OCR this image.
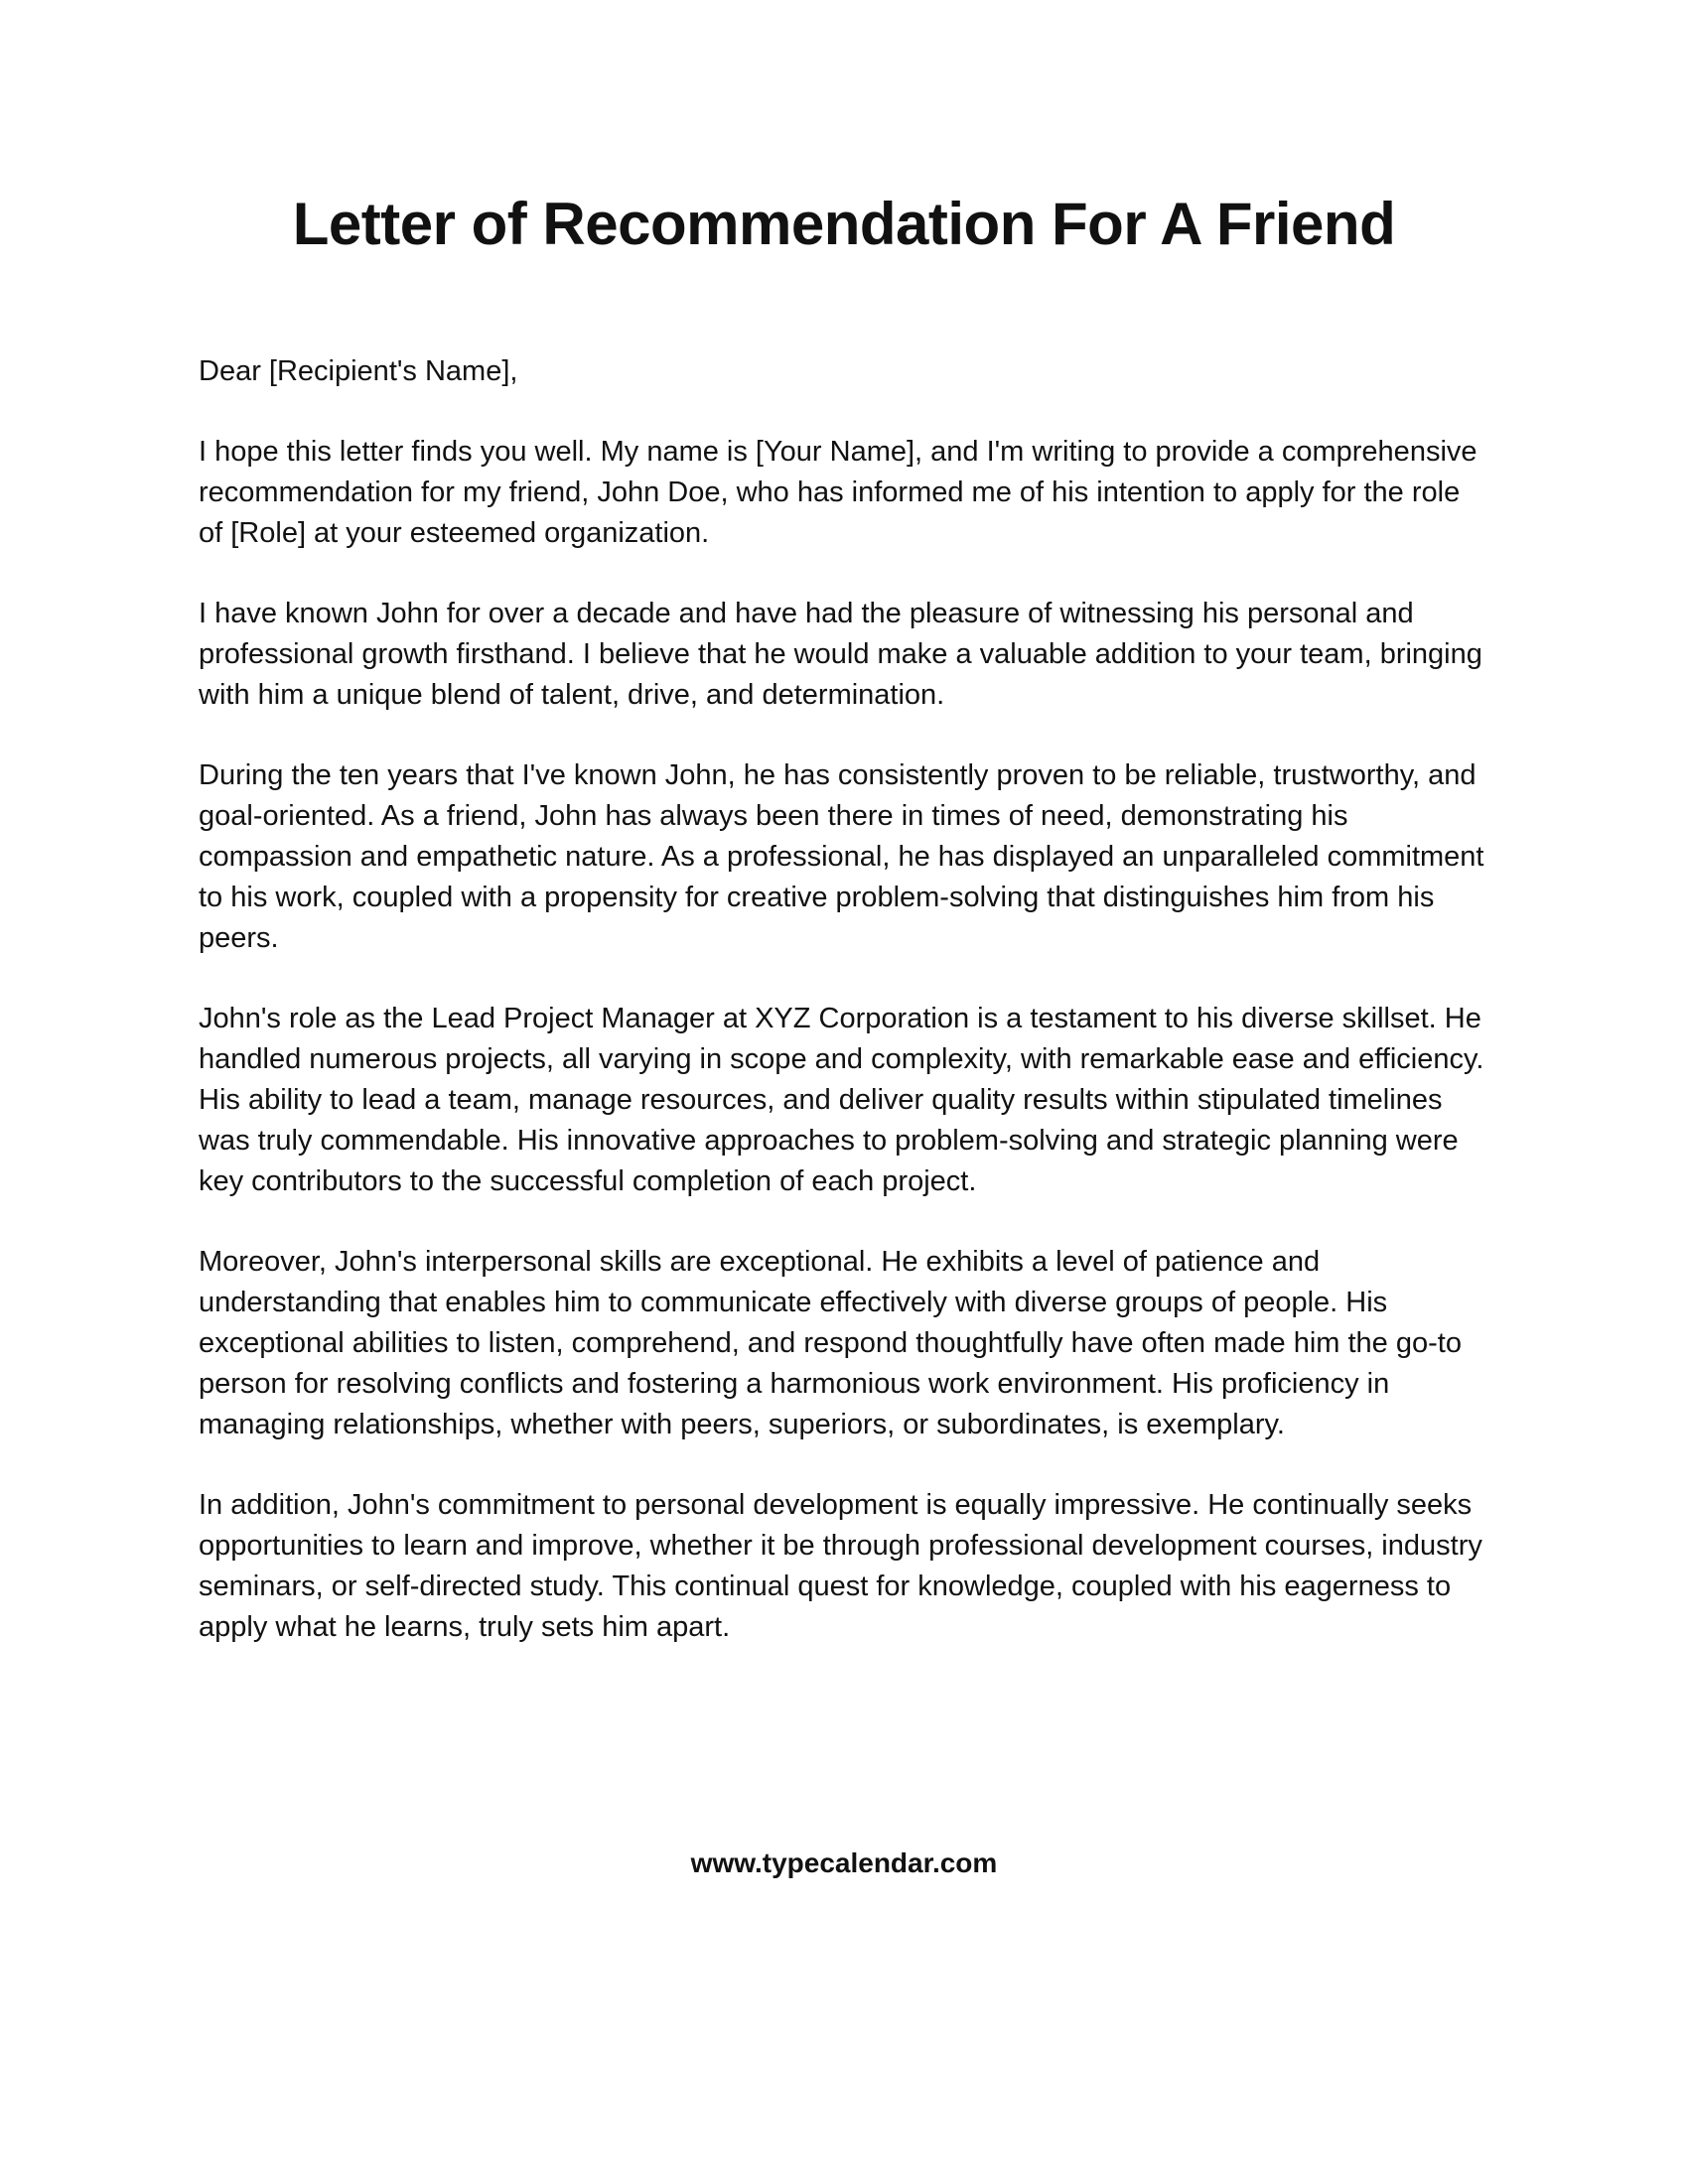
Letter of Recommendation For A Friend

Dear [Recipient's Name],

I hope this letter finds you well. My name is [Your Name], and I'm writing to provide a comprehensive recommendation for my friend, John Doe, who has informed me of his intention to apply for the role of [Role] at your esteemed organization.

I have known John for over a decade and have had the pleasure of witnessing his personal and professional growth firsthand. I believe that he would make a valuable addition to your team, bringing with him a unique blend of talent, drive, and determination.

During the ten years that I've known John, he has consistently proven to be reliable, trustworthy, and goal-oriented. As a friend, John has always been there in times of need, demonstrating his compassion and empathetic nature. As a professional, he has displayed an unparalleled commitment to his work, coupled with a propensity for creative problem-solving that distinguishes him from his peers.

John's role as the Lead Project Manager at XYZ Corporation is a testament to his diverse skillset. He handled numerous projects, all varying in scope and complexity, with remarkable ease and efficiency. His ability to lead a team, manage resources, and deliver quality results within stipulated timelines was truly commendable. His innovative approaches to problem-solving and strategic planning were key contributors to the successful completion of each project.

Moreover, John's interpersonal skills are exceptional. He exhibits a level of patience and understanding that enables him to communicate effectively with diverse groups of people. His exceptional abilities to listen, comprehend, and respond thoughtfully have often made him the go-to person for resolving conflicts and fostering a harmonious work environment. His proficiency in managing relationships, whether with peers, superiors, or subordinates, is exemplary.

In addition, John's commitment to personal development is equally impressive. He continually seeks opportunities to learn and improve, whether it be through professional development courses, industry seminars, or self-directed study. This continual quest for knowledge, coupled with his eagerness to apply what he learns, truly sets him apart.

www.typecalendar.com
